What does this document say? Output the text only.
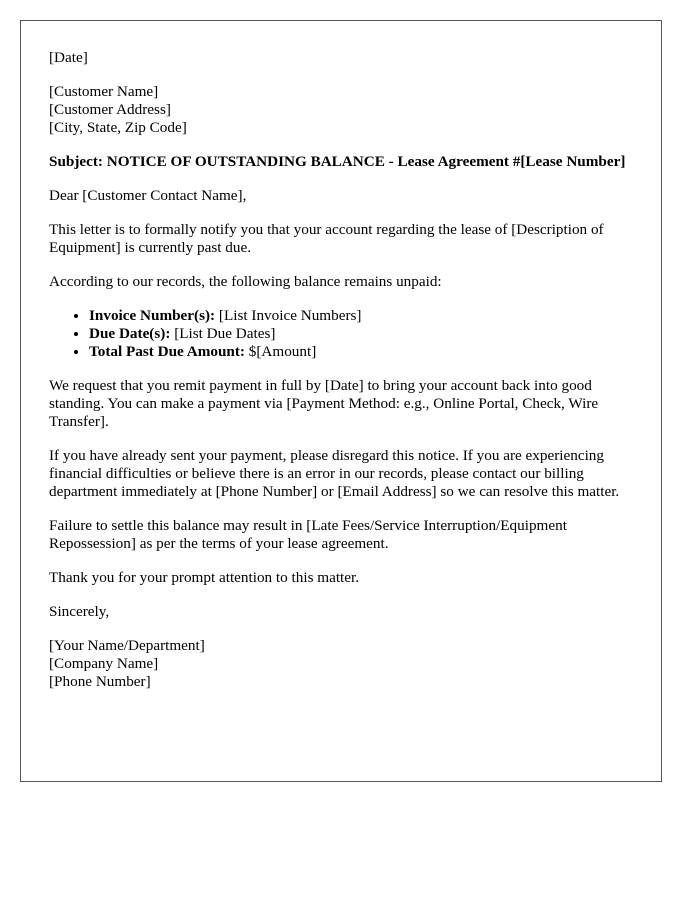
[Date]

[Customer Name]
[Customer Address]
[City, State, Zip Code]

Subject: NOTICE OF OUTSTANDING BALANCE - Lease Agreement #[Lease Number]

Dear [Customer Contact Name],

This letter is to formally notify you that your account regarding the lease of [Description of Equipment] is currently past due.

According to our records, the following balance remains unpaid:

• Invoice Number(s): [List Invoice Numbers]
• Due Date(s): [List Due Dates]
• Total Past Due Amount: $[Amount]

We request that you remit payment in full by [Date] to bring your account back into good standing. You can make a payment via [Payment Method: e.g., Online Portal, Check, Wire Transfer].

If you have already sent your payment, please disregard this notice. If you are experiencing financial difficulties or believe there is an error in our records, please contact our billing department immediately at [Phone Number] or [Email Address] so we can resolve this matter.

Failure to settle this balance may result in [Late Fees/Service Interruption/Equipment Repossession] as per the terms of your lease agreement.

Thank you for your prompt attention to this matter.

Sincerely,

[Your Name/Department]
[Company Name]
[Phone Number]
